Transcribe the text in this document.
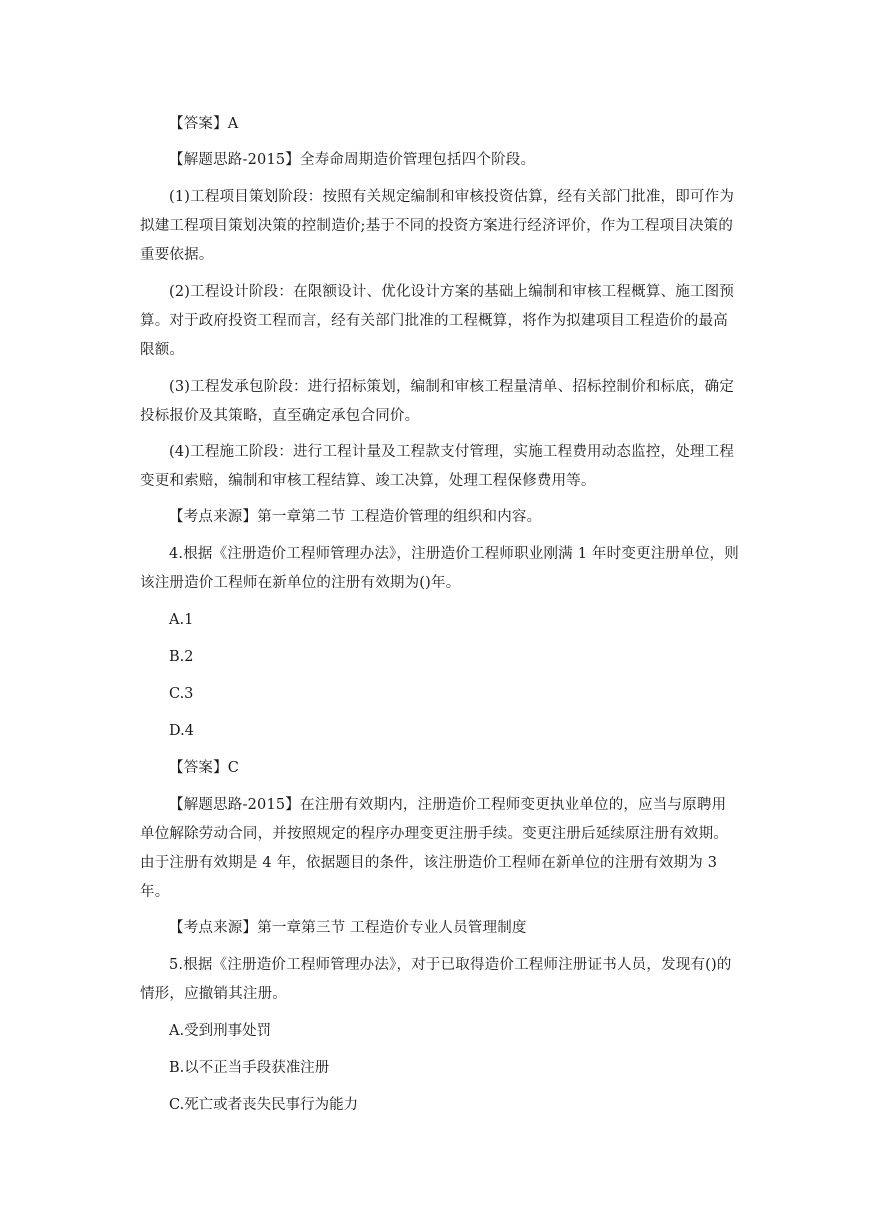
【答案】A

【解题思路-2015】全寿命周期造价管理包括四个阶段。

(1)工程项目策划阶段：按照有关规定编制和审核投资估算，经有关部门批准，即可作为拟建工程项目策划决策的控制造价;基于不同的投资方案进行经济评价，作为工程项目决策的重要依据。

(2)工程设计阶段：在限额设计、优化设计方案的基础上编制和审核工程概算、施工图预算。对于政府投资工程而言，经有关部门批准的工程概算，将作为拟建项目工程造价的最高限额。

(3)工程发承包阶段：进行招标策划，编制和审核工程量清单、招标控制价和标底，确定投标报价及其策略，直至确定承包合同价。

(4)工程施工阶段：进行工程计量及工程款支付管理，实施工程费用动态监控，处理工程变更和索赔，编制和审核工程结算、竣工决算，处理工程保修费用等。

【考点来源】第一章第二节 工程造价管理的组织和内容。

4.根据《注册造价工程师管理办法》，注册造价工程师职业刚满 1 年时变更注册单位，则该注册造价工程师在新单位的注册有效期为()年。

A.1

B.2

C.3

D.4

【答案】C

【解题思路-2015】在注册有效期内，注册造价工程师变更执业单位的，应当与原聘用单位解除劳动合同，并按照规定的程序办理变更注册手续。变更注册后延续原注册有效期。由于注册有效期是 4 年，依据题目的条件，该注册造价工程师在新单位的注册有效期为 3 年。

【考点来源】第一章第三节 工程造价专业人员管理制度

5.根据《注册造价工程师管理办法》，对于已取得造价工程师注册证书人员，发现有()的情形，应撤销其注册。

A.受到刑事处罚

B.以不正当手段获准注册

C.死亡或者丧失民事行为能力
